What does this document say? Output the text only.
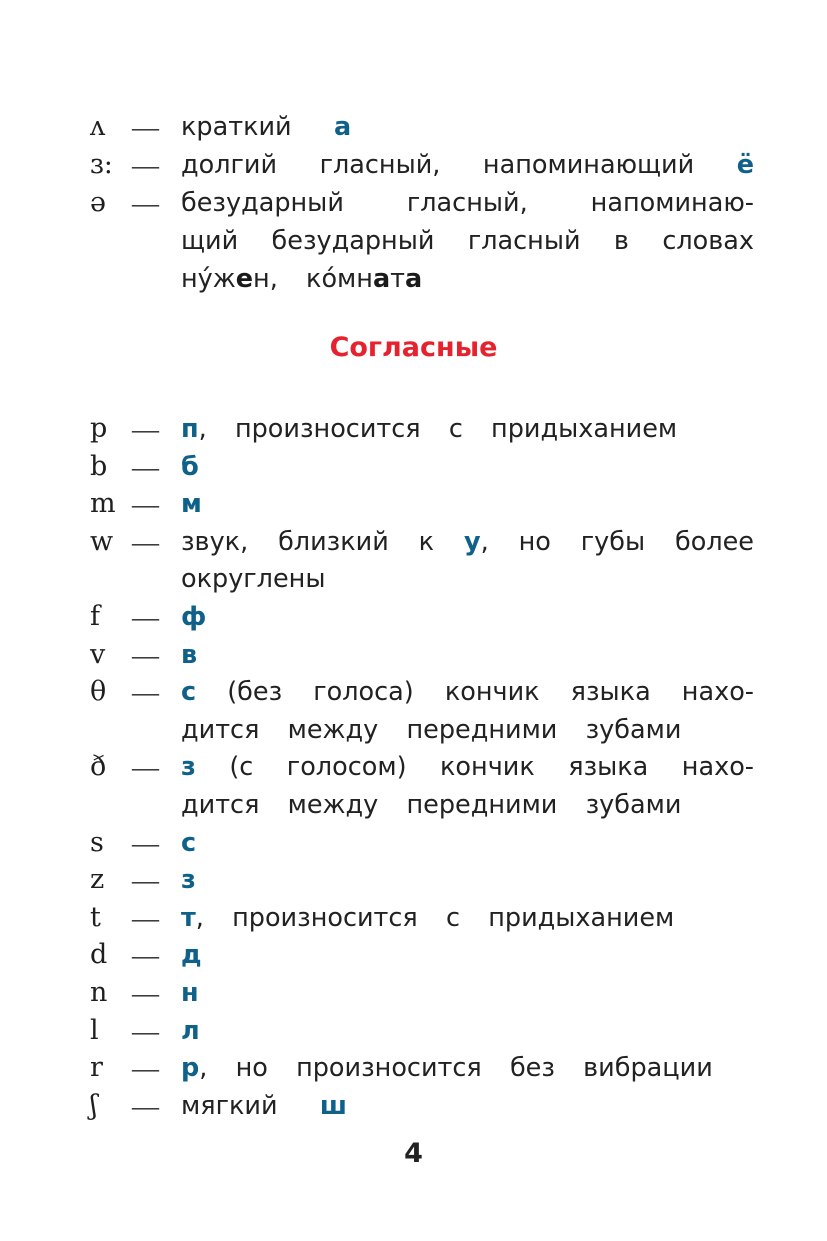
ʌ — краткий   а
ɜ: — долгий гласный, напоминающий ё
ə — безударный гласный, напоминаю-
щий безударный гласный в словах
ну́жен,  ко́мната
Согласные
p — п,  произносится  с  придыханием
b — б
m — м
w — звук, близкий к у, но губы более
округлены
f — ф
v — в
θ — с (без голоса) кончик языка нахо-
дится  между  передними  зубами
ð — з (с голосом) кончик языка нахо-
дится  между  передними  зубами
s — с
z — з
t — т,  произносится  с  придыханием
d — д
n — н
l — л
r — р,  но  произносится  без  вибрации
ʃ — мягкий   ш
4
